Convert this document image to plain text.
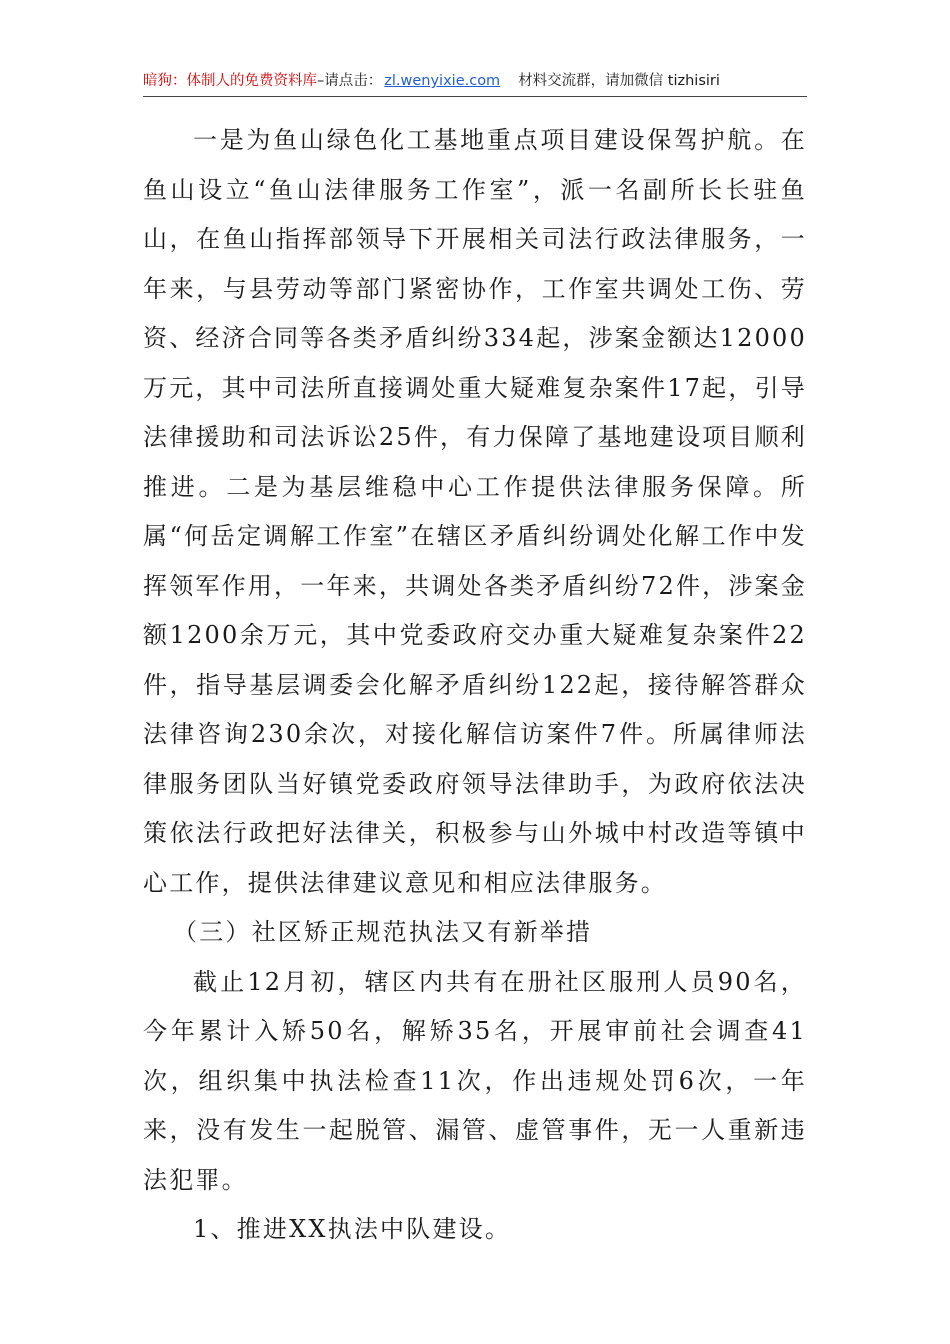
暗狗：体制人的免费资料库 –请点击： zl.wenyixie.com 材料交流群，请加微信 tizhisiri

一是为鱼山绿色化工基地重点项目建设保驾护航。在鱼山设立“鱼山法律服务工作室”，派一名副所长长驻鱼山，在鱼山指挥部领导下开展相关司法行政法律服务，一年来，与县劳动等部门紧密协作，工作室共调处工伤、劳资、经济合同等各类矛盾纠纷334起，涉案金额达12000万元，其中司法所直接调处重大疑难复杂案件17起，引导法律援助和司法诉讼25件，有力保障了基地建设项目顺利推进。二是为基层维稳中心工作提供法律服务保障。所属“何岳定调解工作室”在辖区矛盾纠纷调处化解工作中发挥领军作用，一年来，共调处各类矛盾纠纷72件，涉案金额1200余万元，其中党委政府交办重大疑难复杂案件22件，指导基层调委会化解矛盾纠纷122起，接待解答群众法律咨询230余次，对接化解信访案件7件。所属律师法律服务团队当好镇党委政府领导法律助手，为政府依法决策依法行政把好法律关，积极参与山外城中村改造等镇中心工作，提供法律建议意见和相应法律服务。

（三）社区矫正规范执法又有新举措

截止12月初，辖区内共有在册社区服刑人员90名，今年累计入矫50名，解矫35名，开展审前社会调查41次，组织集中执法检查11次，作出违规处罚6次，一年来，没有发生一起脱管、漏管、虚管事件，无一人重新违法犯罪。

1、推进XX执法中队建设。
